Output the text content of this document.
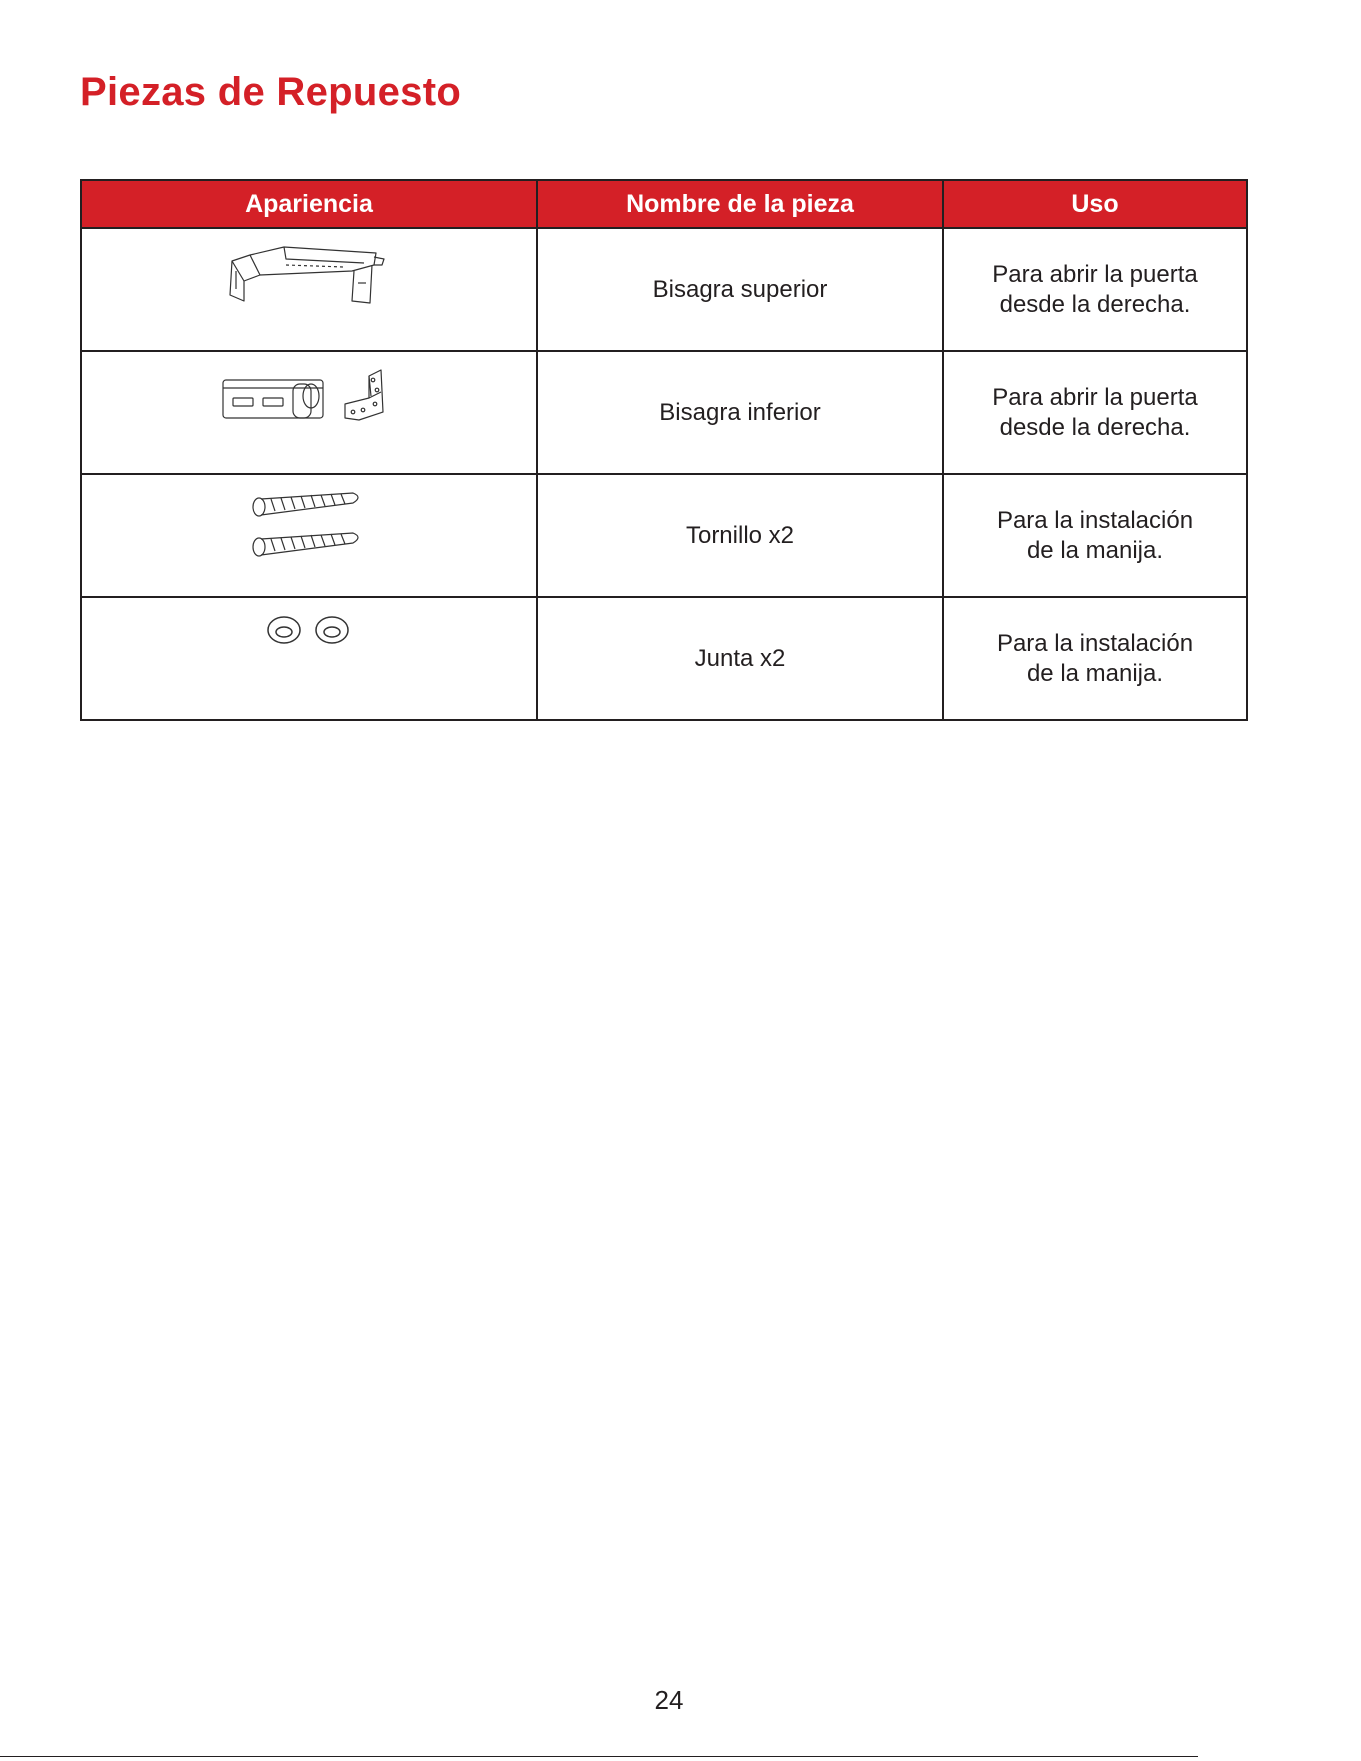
Piezas de Repuesto
Apariencia	Nombre de la pieza	Uso

	Bisagra superior	Para abrir la puerta
desde la derecha.

	Bisagra inferior	Para abrir la puerta
desde la derecha.

	Tornillo x2	Para la instalación
de la manija.

	Junta x2	Para la instalación
de la manija.
24
